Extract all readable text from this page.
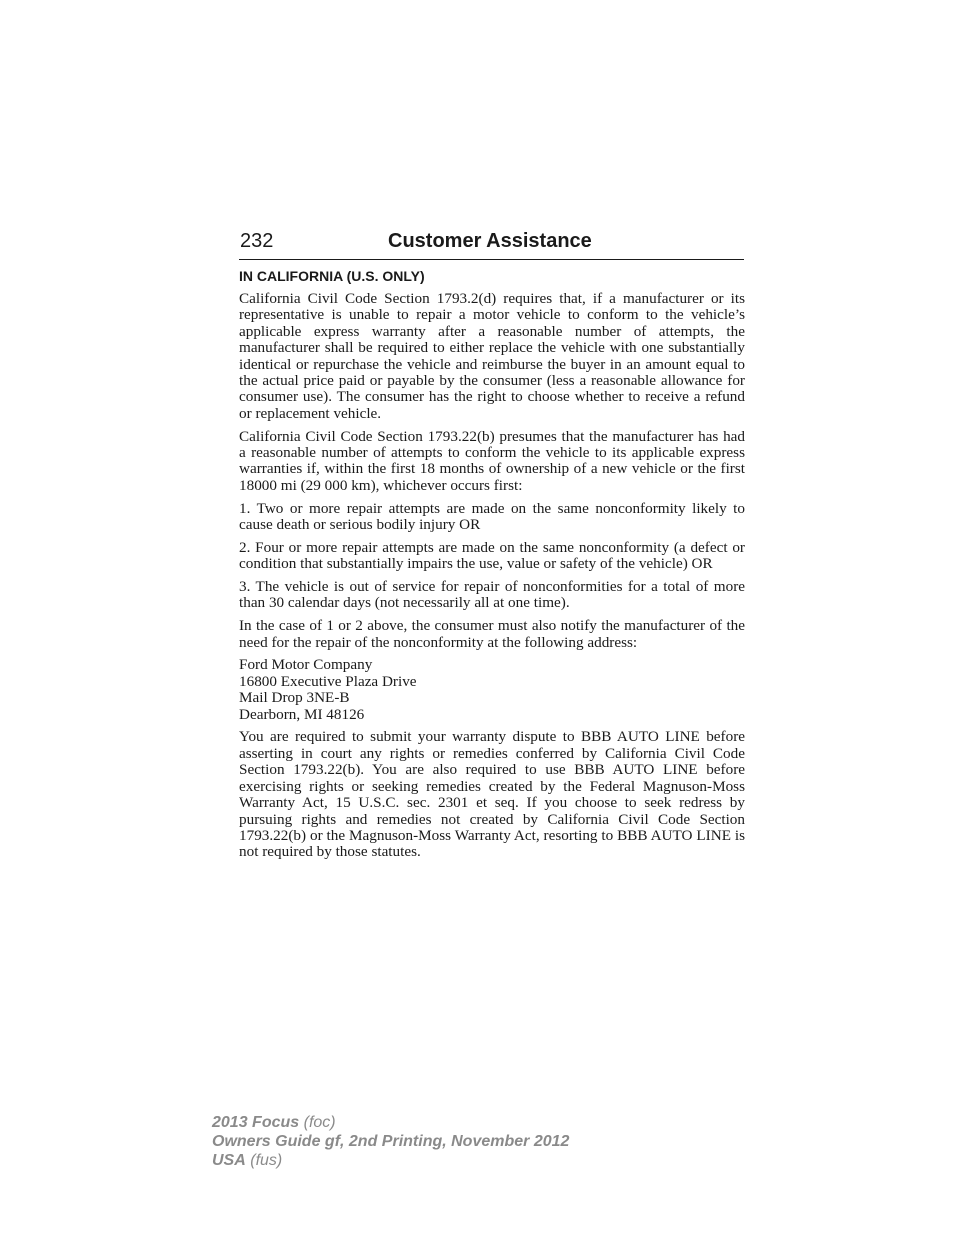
232	Customer Assistance
IN CALIFORNIA (U.S. ONLY)

California Civil Code Section 1793.2(d) requires that, if a manufacturer or its representative is unable to repair a motor vehicle to conform to the vehicle’s applicable express warranty after a reasonable number of attempts, the manufacturer shall be required to either replace the vehicle with one substantially identical or repurchase the vehicle and reimburse the buyer in an amount equal to the actual price paid or payable by the consumer (less a reasonable allowance for consumer use). The consumer has the right to choose whether to receive a refund or replacement vehicle.

California Civil Code Section 1793.22(b) presumes that the manufacturer has had a reasonable number of attempts to conform the vehicle to its applicable express warranties if, within the first 18 months of ownership of a new vehicle or the first 18000 mi (29 000 km), whichever occurs first:

1. Two or more repair attempts are made on the same nonconformity likely to cause death or serious bodily injury OR

2. Four or more repair attempts are made on the same nonconformity (a defect or condition that substantially impairs the use, value or safety of the vehicle) OR

3. The vehicle is out of service for repair of nonconformities for a total of more than 30 calendar days (not necessarily all at one time).

In the case of 1 or 2 above, the consumer must also notify the manufacturer of the need for the repair of the nonconformity at the following address:

Ford Motor Company
16800 Executive Plaza Drive
Mail Drop 3NE-B
Dearborn, MI 48126

You are required to submit your warranty dispute to BBB AUTO LINE before asserting in court any rights or remedies conferred by California Civil Code Section 1793.22(b). You are also required to use BBB AUTO LINE before exercising rights or seeking remedies created by the Federal Magnuson-Moss Warranty Act, 15 U.S.C. sec. 2301 et seq. If you choose to seek redress by pursuing rights and remedies not created by California Civil Code Section 1793.22(b) or the Magnuson-Moss Warranty Act, resorting to BBB AUTO LINE is not required by those statutes.

2013 Focus (foc)
Owners Guide gf, 2nd Printing, November 2012
USA (fus)
